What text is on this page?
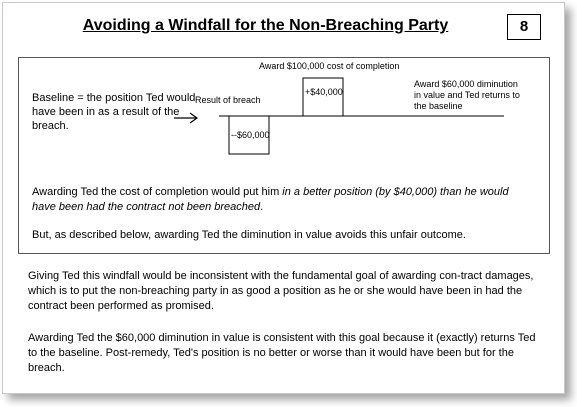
Avoiding a Windfall for the Non-Breaching Party	8
Result of breach
--$60,000
+$40,000
Award $100,000 cost of completion
Award $60,000 diminution
in value and Ted returns to
the baseline
Baseline = the position Ted would have been in as a result of the breach.
Awarding Ted the cost of completion would put him in a better position (by $40,000) than he would have been had the contract not been breached.
But, as described below, awarding Ted the diminution in value avoids this unfair outcome.
Giving Ted this windfall would be inconsistent with the fundamental goal of awarding con-tract damages, which is to put the non-breaching party in as good a position as he or she would have been in had the contract been performed as promised.
Awarding Ted the $60,000 diminution in value is consistent with this goal because it (exactly) returns Ted to the baseline. Post-remedy, Ted's position is no better or worse than it would have been but for the breach.
